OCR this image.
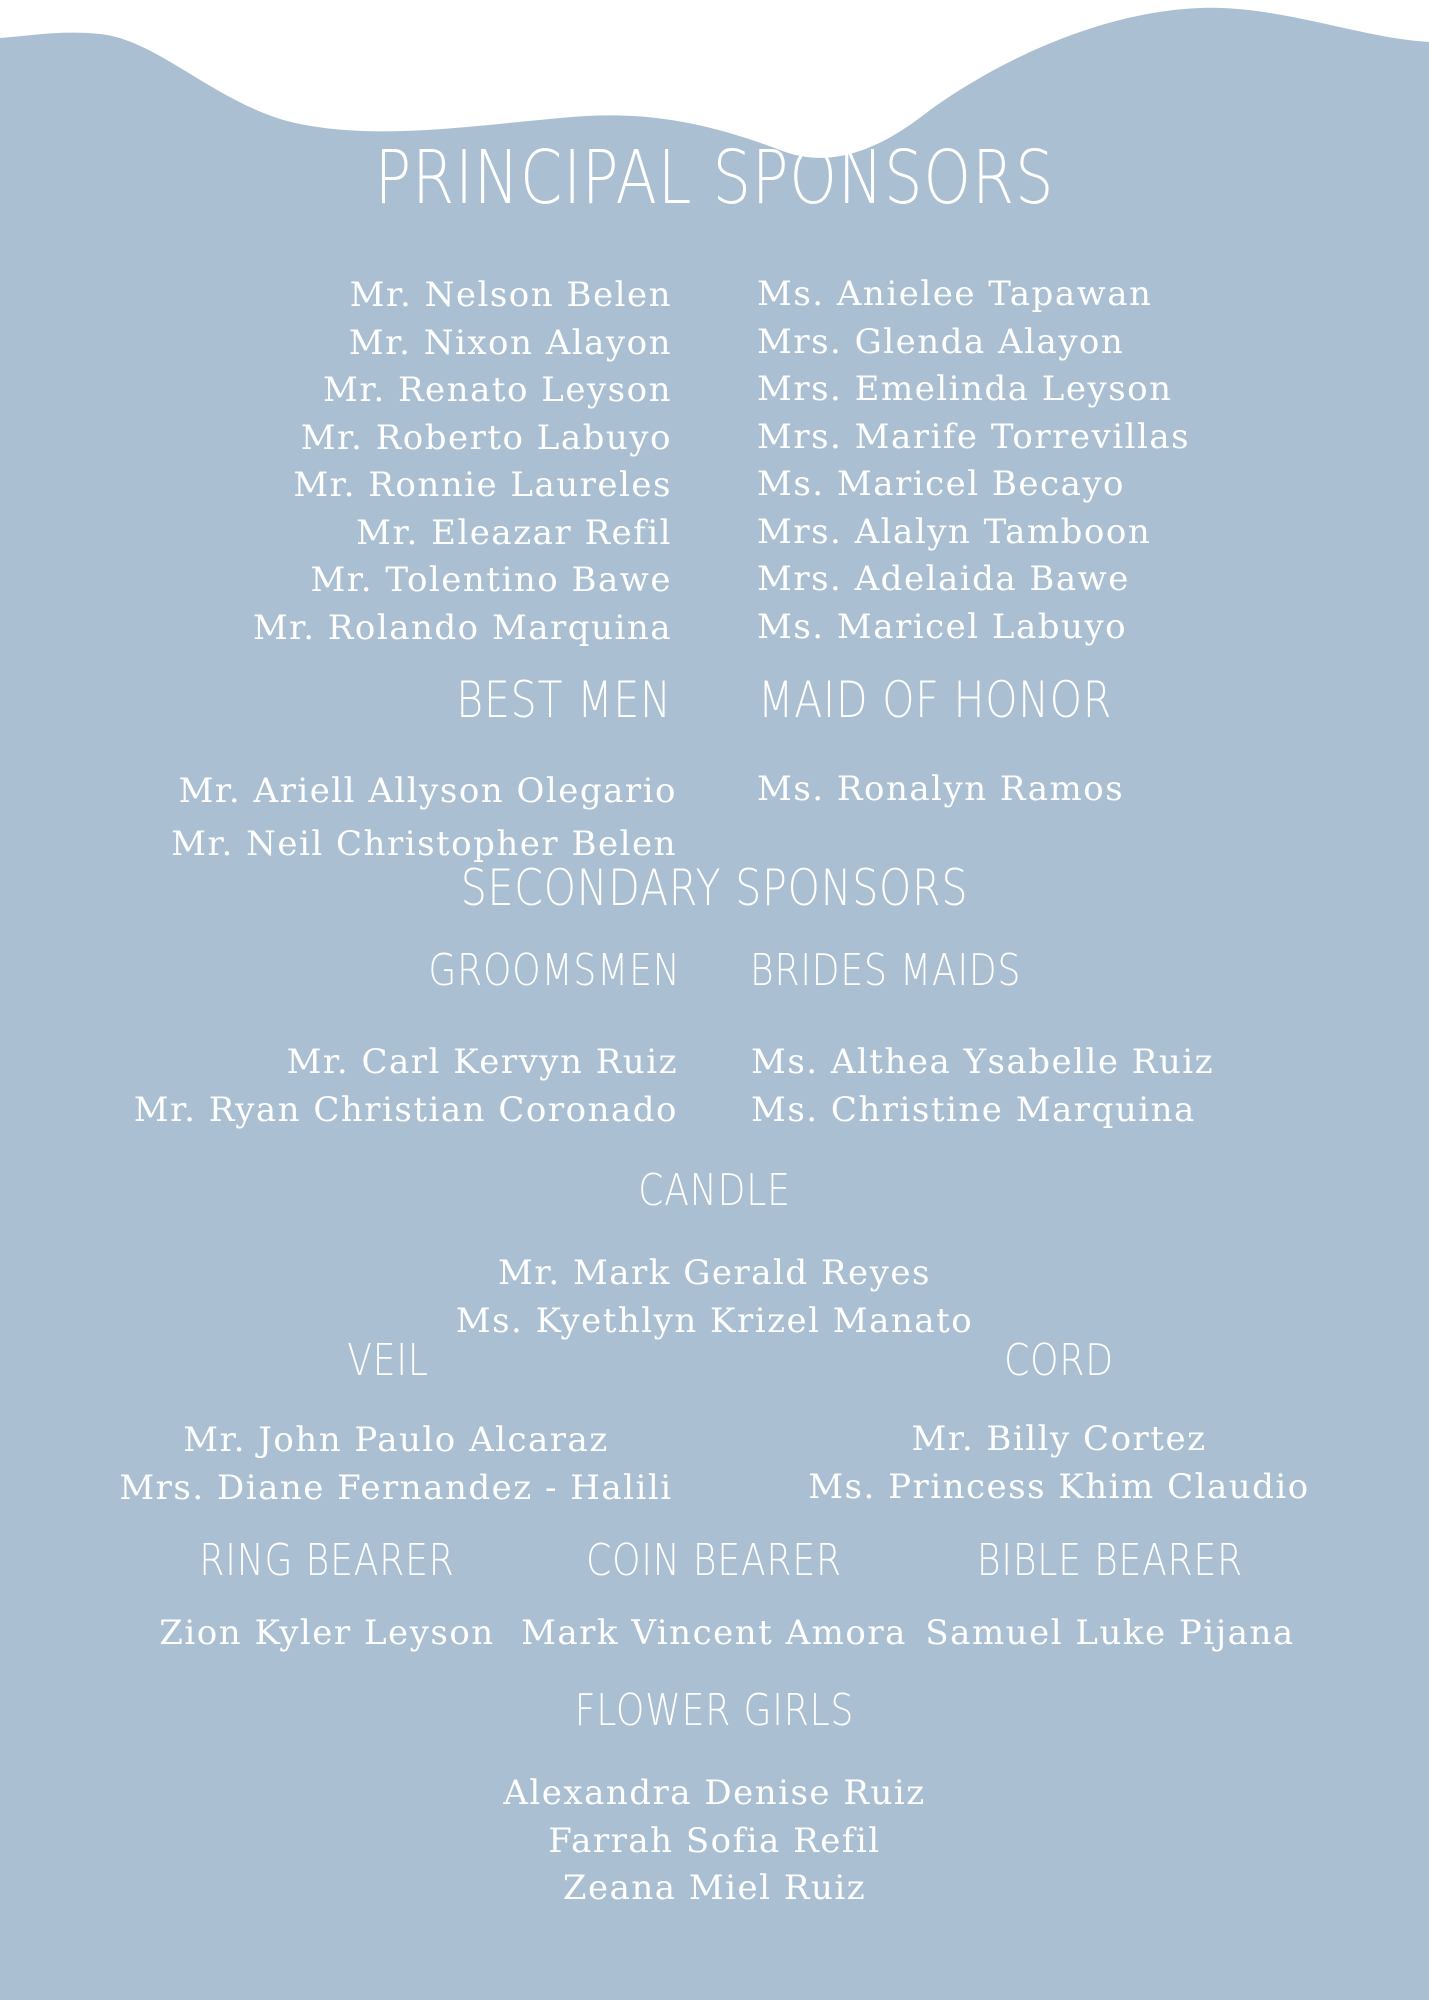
PRINCIPAL SPONSORS
Mr. Nelson Belen
Mr. Nixon Alayon
Mr. Renato Leyson
Mr. Roberto Labuyo
Mr. Ronnie Laureles
Mr. Eleazar Refil
Mr. Tolentino Bawe
Mr. Rolando Marquina
Ms. Anielee Tapawan
Mrs. Glenda Alayon
Mrs. Emelinda Leyson
Mrs. Marife Torrevillas
Ms. Maricel Becayo
Mrs. Alalyn Tamboon
Mrs. Adelaida Bawe
Ms. Maricel Labuyo
BEST MEN MAID OF HONOR
Mr. Ariell Allyson Olegario
Mr. Neil Christopher Belen
Ms. Ronalyn Ramos
SECONDARY SPONSORS
GROOMSMEN BRIDES MAIDS
Mr. Carl Kervyn Ruiz
Mr. Ryan Christian Coronado
Ms. Althea Ysabelle Ruiz
Ms. Christine Marquina
CANDLE
Mr. Mark Gerald Reyes
Ms. Kyethlyn Krizel Manato
VEIL
Mr. John Paulo Alcaraz
Mrs. Diane Fernandez - Halili
CORD
Mr. Billy Cortez
Ms. Princess Khim Claudio
RING BEARER
Zion Kyler Leyson
COIN BEARER
Mark Vincent Amora
BIBLE BEARER
Samuel Luke Pijana
FLOWER GIRLS
Alexandra Denise Ruiz
Farrah Sofia Refil
Zeana Miel Ruiz
